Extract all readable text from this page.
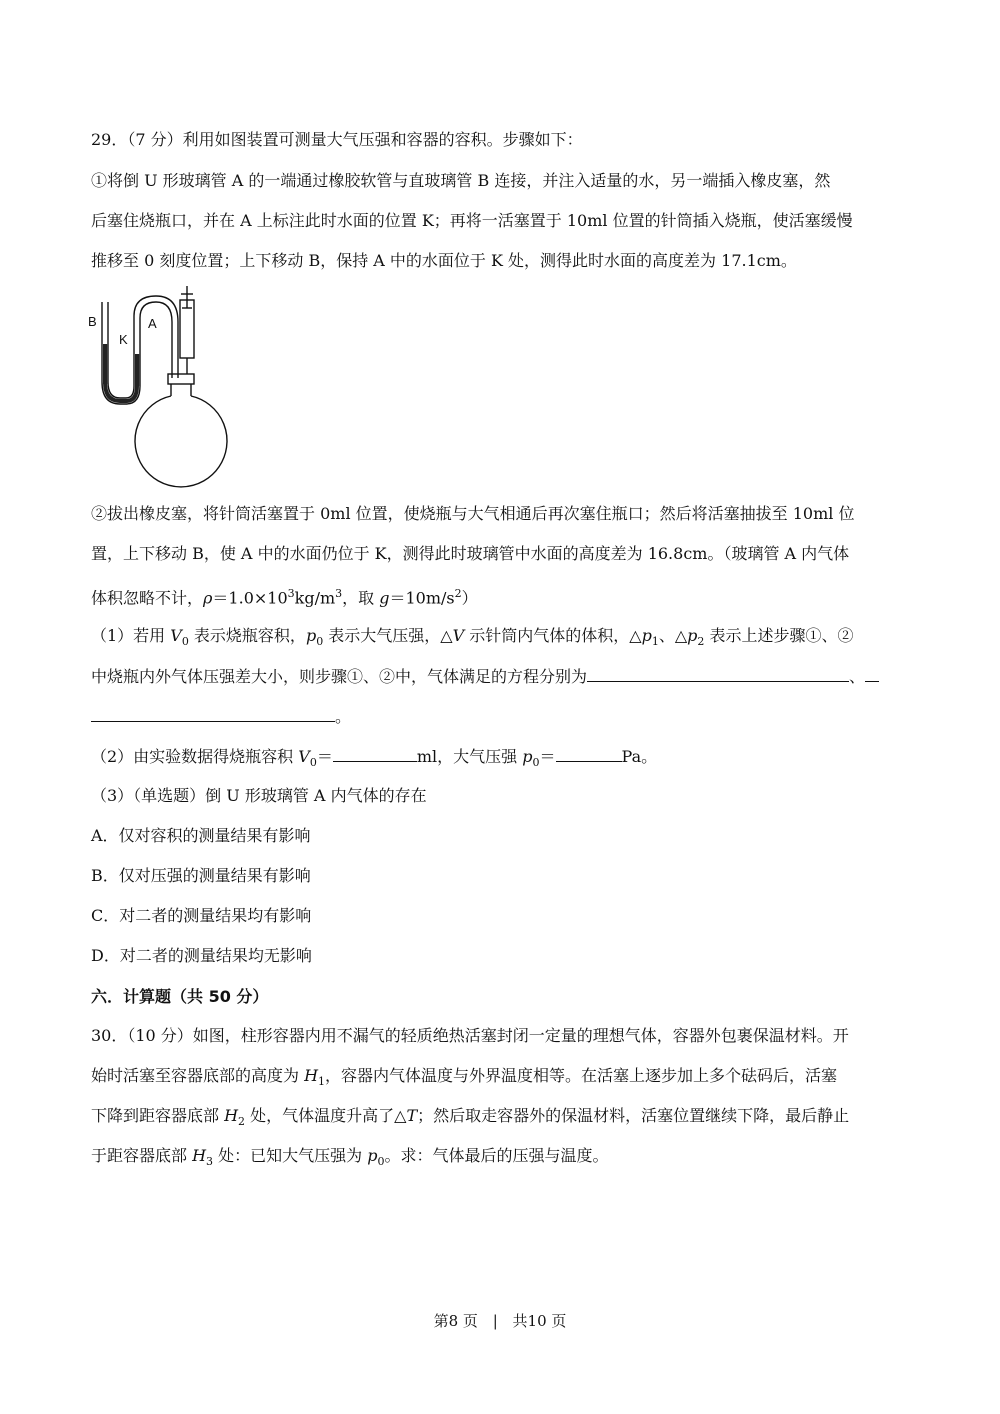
29．（7 分）利用如图装置可测量大气压强和容器的容积。步骤如下：
①将倒 U 形玻璃管 A 的一端通过橡胶软管与直玻璃管 B 连接，并注入适量的水，另一端插入橡皮塞，然
后塞住烧瓶口，并在 A 上标注此时水面的位置 K；再将一活塞置于 10ml 位置的针筒插入烧瓶，使活塞缓慢
推移至 0 刻度位置；上下移动 B，保持 A 中的水面位于 K 处，测得此时水面的高度差为 17.1cm。
B
K
A
②拔出橡皮塞，将针筒活塞置于 0ml 位置，使烧瓶与大气相通后再次塞住瓶口；然后将活塞抽拔至 10ml 位
置，上下移动 B，使 A 中的水面仍位于 K，测得此时玻璃管中水面的高度差为 16.8cm。（玻璃管 A 内气体
体积忽略不计，$\rho=1.0\times 10^3kg/m^3$，取 $g=10m/s^2$）
（1）若用 $V_0$ 表示烧瓶容积，$p_0$ 表示大气压强，△V 示针筒内气体的体积，$\triangle p_1$、$\triangle p_2$ 表示上述步骤①、②
中烧瓶内外气体压强差大小，则步骤①、②中，气体满足的方程分别为	、
。
（2）由实验数据得烧瓶容积 $V_0=$	ml，大气压强 $p_0=$	Pa。
（3）（单选题）倒 U 形玻璃管 A 内气体的存在
A．仅对容积的测量结果有影响
B．仅对压强的测量结果有影响
C．对二者的测量结果均有影响
D．对二者的测量结果均无影响
六．计算题（共 50 分）
30．（10 分）如图，柱形容器内用不漏气的轻质绝热活塞封闭一定量的理想气体，容器外包裹保温材料。开
始时活塞至容器底部的高度为 $H_1$，容器内气体温度与外界温度相等。在活塞上逐步加上多个砝码后，活塞
下降到距容器底部 $H_2$ 处，气体温度升高了△T；然后取走容器外的保温材料，活塞位置继续下降，最后静止
于距容器底部 $H_3$ 处：已知大气压强为 $p_0$。求：气体最后的压强与温度。
第8 页 | 共10 页
